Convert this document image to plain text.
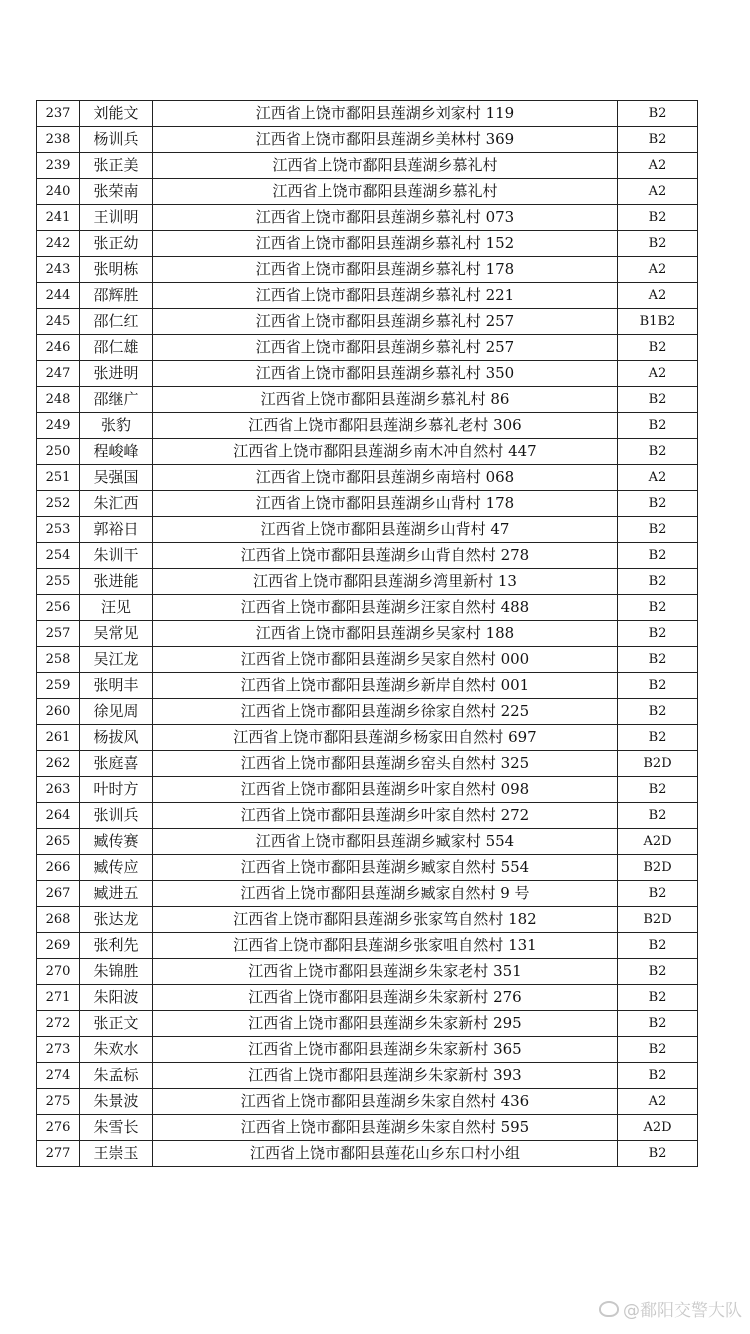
237	刘能文	江西省上饶市鄱阳县莲湖乡刘家村 119	B2
238	杨训兵	江西省上饶市鄱阳县莲湖乡美林村 369	B2
239	张正美	江西省上饶市鄱阳县莲湖乡慕礼村	A2
240	张荣南	江西省上饶市鄱阳县莲湖乡慕礼村	A2
241	王训明	江西省上饶市鄱阳县莲湖乡慕礼村 073	B2
242	张正幼	江西省上饶市鄱阳县莲湖乡慕礼村 152	B2
243	张明栋	江西省上饶市鄱阳县莲湖乡慕礼村 178	A2
244	邵辉胜	江西省上饶市鄱阳县莲湖乡慕礼村 221	A2
245	邵仁红	江西省上饶市鄱阳县莲湖乡慕礼村 257	B1B2
246	邵仁雄	江西省上饶市鄱阳县莲湖乡慕礼村 257	B2
247	张进明	江西省上饶市鄱阳县莲湖乡慕礼村 350	A2
248	邵继广	江西省上饶市鄱阳县莲湖乡慕礼村 86	B2
249	张豹	江西省上饶市鄱阳县莲湖乡慕礼老村 306	B2
250	程峻峰	江西省上饶市鄱阳县莲湖乡南木冲自然村 447	B2
251	吴强国	江西省上饶市鄱阳县莲湖乡南培村 068	A2
252	朱汇西	江西省上饶市鄱阳县莲湖乡山背村 178	B2
253	郭裕日	江西省上饶市鄱阳县莲湖乡山背村 47	B2
254	朱训干	江西省上饶市鄱阳县莲湖乡山背自然村 278	B2
255	张进能	江西省上饶市鄱阳县莲湖乡湾里新村 13	B2
256	汪见	江西省上饶市鄱阳县莲湖乡汪家自然村 488	B2
257	吴常见	江西省上饶市鄱阳县莲湖乡吴家村 188	B2
258	吴江龙	江西省上饶市鄱阳县莲湖乡吴家自然村 000	B2
259	张明丰	江西省上饶市鄱阳县莲湖乡新岸自然村 001	B2
260	徐见周	江西省上饶市鄱阳县莲湖乡徐家自然村 225	B2
261	杨拔风	江西省上饶市鄱阳县莲湖乡杨家田自然村 697	B2
262	张庭喜	江西省上饶市鄱阳县莲湖乡窑头自然村 325	B2D
263	叶时方	江西省上饶市鄱阳县莲湖乡叶家自然村 098	B2
264	张训兵	江西省上饶市鄱阳县莲湖乡叶家自然村 272	B2
265	臧传赛	江西省上饶市鄱阳县莲湖乡臧家村 554	A2D
266	臧传应	江西省上饶市鄱阳县莲湖乡臧家自然村 554	B2D
267	臧进五	江西省上饶市鄱阳县莲湖乡臧家自然村 9 号	B2
268	张达龙	江西省上饶市鄱阳县莲湖乡张家笃自然村 182	B2D
269	张利先	江西省上饶市鄱阳县莲湖乡张家咀自然村 131	B2
270	朱锦胜	江西省上饶市鄱阳县莲湖乡朱家老村 351	B2
271	朱阳波	江西省上饶市鄱阳县莲湖乡朱家新村 276	B2
272	张正文	江西省上饶市鄱阳县莲湖乡朱家新村 295	B2
273	朱欢水	江西省上饶市鄱阳县莲湖乡朱家新村 365	B2
274	朱孟标	江西省上饶市鄱阳县莲湖乡朱家新村 393	B2
275	朱景波	江西省上饶市鄱阳县莲湖乡朱家自然村 436	A2
276	朱雪长	江西省上饶市鄱阳县莲湖乡朱家自然村 595	A2D
277	王崇玉	江西省上饶市鄱阳县莲花山乡东口村小组	B2
@鄱阳交警大队
